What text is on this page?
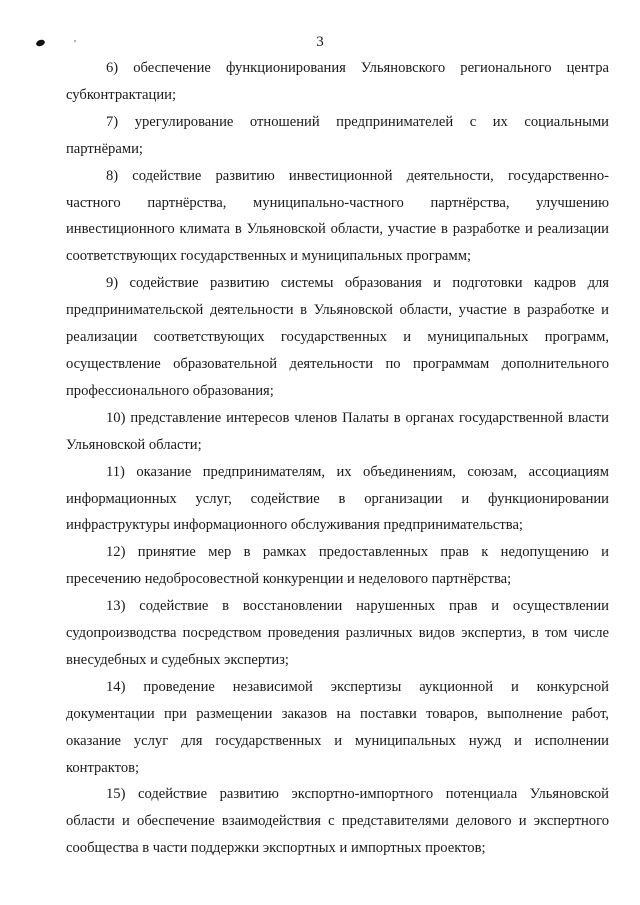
3

6) обеспечение функционирования Ульяновского регионального центра субконтрактации;

7) урегулирование отношений предпринимателей с их социальными партнёрами;

8) содействие развитию инвестиционной деятельности, государственно-частного партнёрства, муниципально-частного партнёрства, улучшению инвестиционного климата в Ульяновской области, участие в разработке и реализации соответствующих государственных и муниципальных программ;

9) содействие развитию системы образования и подготовки кадров для предпринимательской деятельности в Ульяновской области, участие в разработке и реализации соответствующих государственных и муниципальных программ, осуществление образовательной деятельности по программам дополнительного профессионального образования;

10) представление интересов членов Палаты в органах государственной власти Ульяновской области;

11) оказание предпринимателям, их объединениям, союзам, ассоциациям информационных услуг, содействие в организации и функционировании инфраструктуры информационного обслуживания предпринимательства;

12) принятие мер в рамках предоставленных прав к недопущению и пресечению недобросовестной конкуренции и неделового партнёрства;

13) содействие в восстановлении нарушенных прав и осуществлении судопроизводства посредством проведения различных видов экспертиз, в том числе внесудебных и судебных экспертиз;

14) проведение независимой экспертизы аукционной и конкурсной документации при размещении заказов на поставки товаров, выполнение работ, оказание услуг для государственных и муниципальных нужд и исполнении контрактов;

15) содействие развитию экспортно-импортного потенциала Ульяновской области и обеспечение взаимодействия с представителями делового и экспертного сообщества в части поддержки экспортных и импортных проектов;
